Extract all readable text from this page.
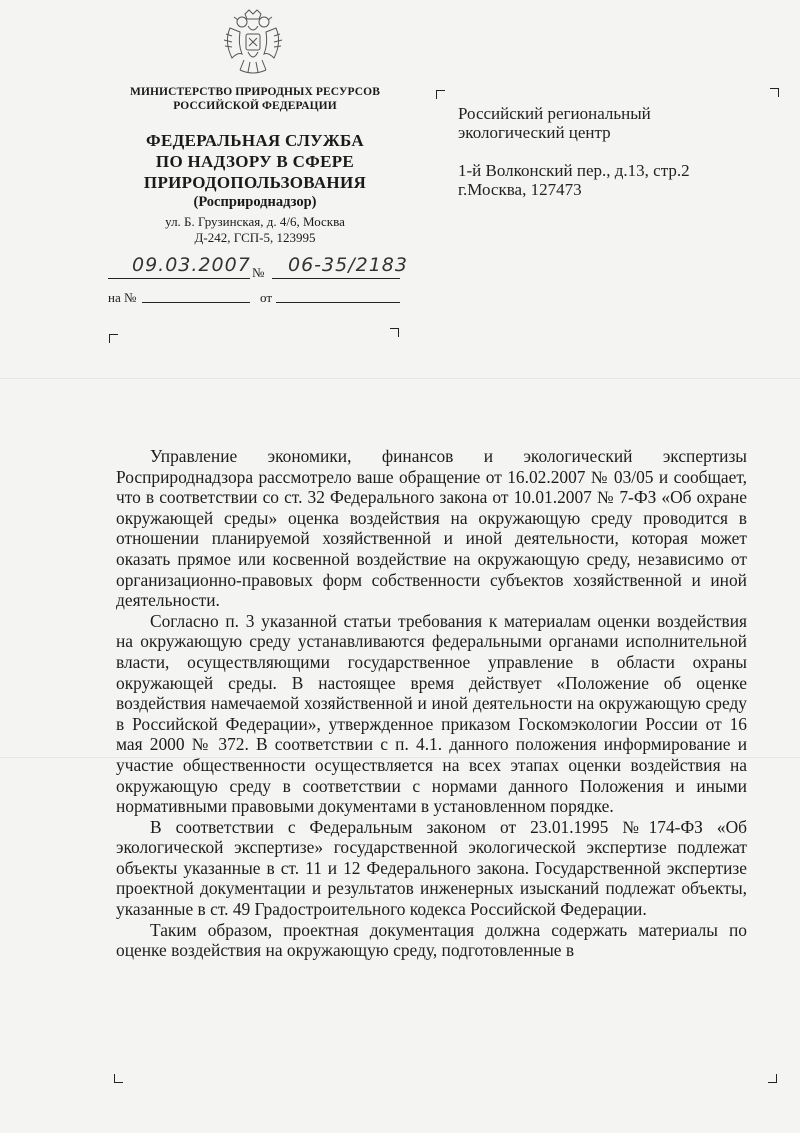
МИНИСТЕРСТВО ПРИРОДНЫХ РЕСУРСОВ
РОССИЙСКОЙ ФЕДЕРАЦИИ
ФЕДЕРАЛЬНАЯ СЛУЖБА
ПО НАДЗОРУ В СФЕРЕ
ПРИРОДОПОЛЬЗОВАНИЯ
(Росприроднадзор)
ул. Б. Грузинская, д. 4/6, Москва
Д-242, ГСП-5, 123995
09.03.2007 № 06-35/2183
на №	от
Российский региональный
экологический центр
1-й Волконский пер., д.13, стр.2
г.Москва, 127473

Управление экономики, финансов и экологический экспертизы Росприроднадзора рассмотрело ваше обращение от 16.02.2007 № 03/05 и сообщает, что в соответствии со ст. 32 Федерального закона от 10.01.2007 № 7-ФЗ «Об охране окружающей среды» оценка воздействия на окружающую среду проводится в отношении планируемой хозяйственной и иной деятельности, которая может оказать прямое или косвенной воздействие на окружающую среду, независимо от организационно-правовых форм собственности субъектов хозяйственной и иной деятельности.

Согласно п. 3 указанной статьи требования к материалам оценки воздействия на окружающую среду устанавливаются федеральными органами исполнительной власти, осуществляющими государственное управление в области охраны окружающей среды. В настоящее время действует «Положение об оценке воздействия намечаемой хозяйственной и иной деятельности на окружающую среду в Российской Федерации», утвержденное приказом Госкомэкологии России от 16 мая 2000 № 372. В соответствии с п. 4.1. данного положения информирование и участие общественности осуществляется на всех этапах оценки воздействия на окружающую среду в соответствии с нормами данного Положения и иными нормативными правовыми документами в установленном порядке.

В соответствии с Федеральным законом от 23.01.1995 №174-ФЗ «Об экологической экспертизе» государственной экологической экспертизе подлежат объекты указанные в ст. 11 и 12 Федерального закона. Государственной экспертизе проектной документации и результатов инженерных изысканий подлежат объекты, указанные в ст. 49 Градостроительного кодекса Российской Федерации.

Таким образом, проектная документация должна содержать материалы по оценке воздействия на окружающую среду, подготовленные в
